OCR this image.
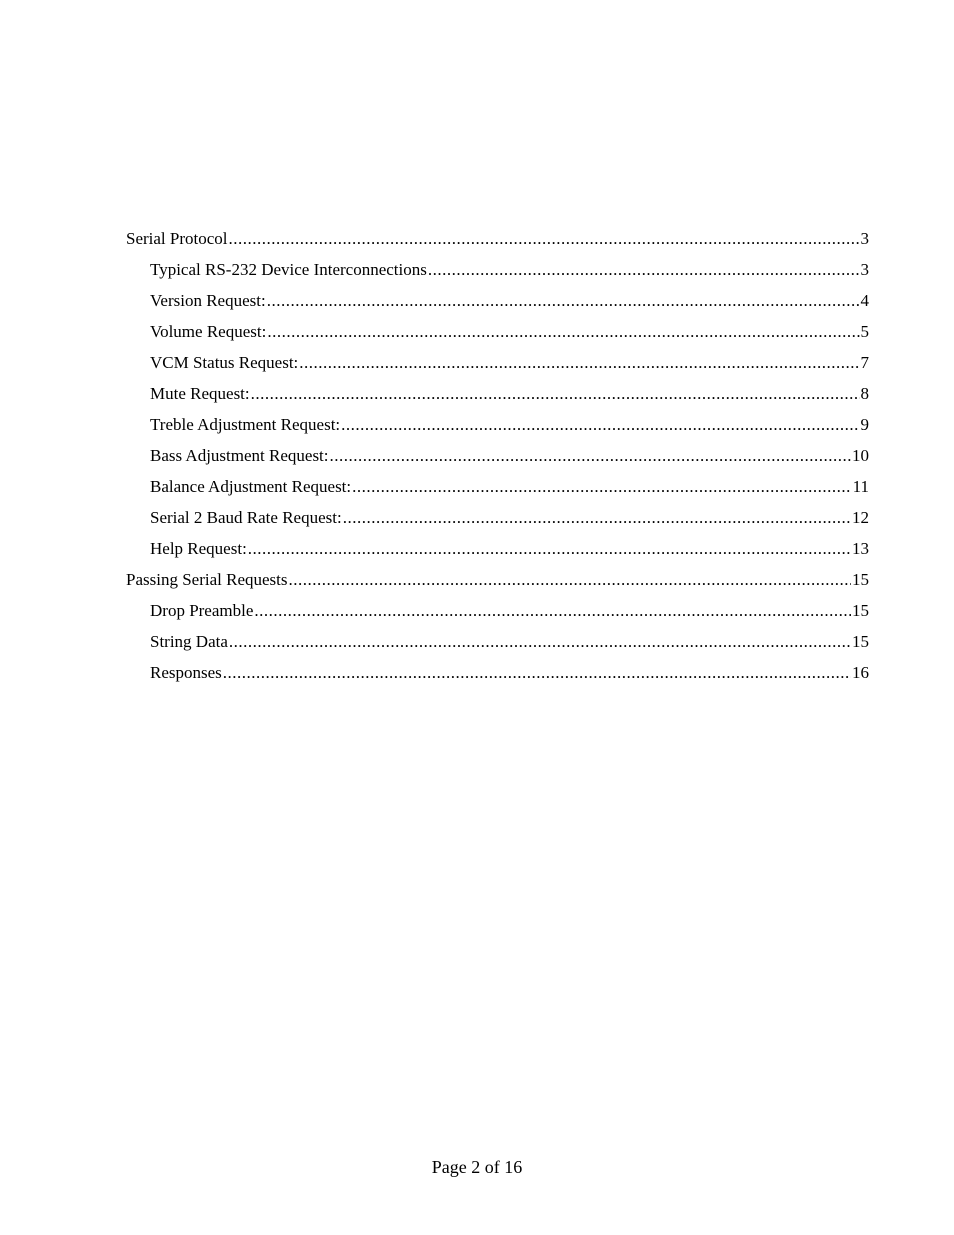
Serial Protocol .....	3
Typical RS-232 Device Interconnections .....	3
Version Request: .....	4
Volume Request: .....	5
VCM Status Request: .....	7
Mute Request: .....	8
Treble Adjustment Request: .....	9
Bass Adjustment Request: .....	10
Balance Adjustment Request: .....	11
Serial 2 Baud Rate Request: .....	12
Help Request: .....	13
Passing Serial Requests .....	15
Drop Preamble .....	15
String Data .....	15
Responses .....	16
Page 2 of 16
